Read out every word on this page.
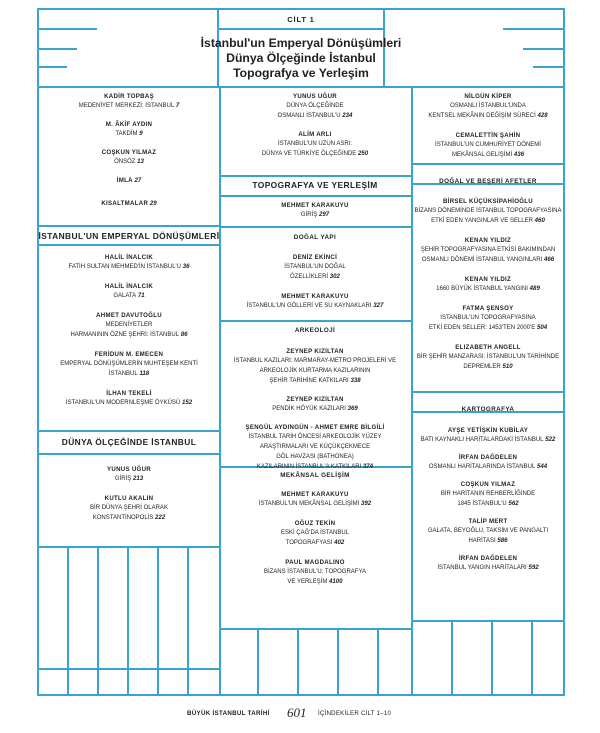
CİLT 1
İstanbul'un Emperyal Dönüşümleri
Dünya Ölçeğinde İstanbul
Topografya ve Yerleşim
KADİR TOPBAŞ
MEDENİYET MERKEZİ: İSTANBUL 7
M. ÂKİF AYDIN
TAKDİM 9
COŞKUN YILMAZ
ÖNSÖZ 13
İMLA 27
KISALTMALAR 29
İSTANBUL'UN EMPERYAL DÖNÜŞÜMLERİ
HALİL İNALCIK
FATİH SULTAN MEHMED'İN İSTANBUL'U 36
HALİL İNALCIK
GALATA 71
AHMET DAVUTOĞLU
MEDENİYETLER
HARMANININ ÖZNE ŞEHRİ: İSTANBUL 86
FERİDUN M. EMECEN
EMPERYAL DÖNÜŞÜMLERİN MUHTEŞEM KENTİ
İSTANBUL 118
İLHAN TEKELİ
İSTANBUL'UN MODERNLEŞME ÖYKÜSÜ 152
DÜNYA ÖLÇEĞİNDE İSTANBUL
YUNUS UĞUR
GİRİŞ 213
KUTLU AKALIN
BİR DÜNYA ŞEHRİ OLARAK
KONSTANTİNOPOLİS 222
YUNUS UĞUR
DÜNYA ÖLÇEĞİNDE
OSMANLI İSTANBUL'U 234
ALİM ARLI
İSTANBUL'UN UZUN ASRI:
DÜNYA VE TÜRKİYE ÖLÇEĞİNDE 250
TOPOGRAFYA VE YERLEŞİM
MEHMET KARAKUYU
GİRİŞ 297
DOĞAL YAPI
DENİZ EKİNCİ
İSTANBUL'UN DOĞAL
ÖZELLİKLERİ 302
MEHMET KARAKUYU
İSTANBUL'UN GÖLLERİ VE SU KAYNAKLARI 327
ARKEOLOJİ
ZEYNEP KIZILTAN
İSTANBUL KAZILARI: MARMARAY-METRO PROJELERİ VE
ARKEOLOJİK KURTARMA KAZILARININ
ŞEHİR TARİHİNE KATKILARI 338
ZEYNEP KIZILTAN
PENDİK HÖYÜK KAZILARI 369
ŞENGÜL AYDINGÜN - AHMET EMRE BİLGİLİ
İSTANBUL TARİH ÖNCESİ ARKEOLOJİK YÜZEY
ARAŞTIRMALARI VE KÜÇÜKÇEKMECE
GÖL HAVZASI (BATHONEA)
KAZILARININ İSTANBUL'A KATKILARI 374
MEKÂNSAL GELİŞİM
MEHMET KARAKUYU
İSTANBUL'UN MEKÂNSAL GELİŞİMİ 392
OĞUZ TEKİN
ESKİ ÇAĞ'DA İSTANBUL
TOPOGRAFYASI 402
PAUL MAGDALINO
BİZANS İSTANBUL'U: TOPOGRAFYA
VE YERLEŞİM 4100
NİLGÜN KİPER
OSMANLI İSTANBUL'UNDA
KENTSEL MEKÂNIN DEĞİŞİM SÜRECİ 428
CEMALETTİN ŞAHİN
İSTANBUL'UN CUMHURİYET DÖNEMİ
MEKÂNSAL GELİŞİMİ 436
DOĞAL VE BEŞERİ AFETLER
BİRSEL KÜÇÜKSİPAHİOĞLU
BİZANS DÖNEMİNDE İSTANBUL TOPOGRAFYASINA
ETKİ EDEN YANGINLAR VE SELLER 460
KENAN YILDIZ
ŞEHİR TOPOGRAFYASINA ETKİSİ BAKIMINDAN
OSMANLI DÖNEMİ İSTANBUL YANGINLARI 466
KENAN YILDIZ
1660 BÜYÜK İSTANBUL YANGINI 489
FATMA ŞENSOY
İSTANBUL'UN TOPOGRAFYASINA
ETKİ EDEN SELLER: 1453'TEN 2000'E 504
ELIZABETH ANGELL
BİR ŞEHİR MANZARASI: İSTANBUL'UN TARİHİNDE
DEPREMLER 510
KARTOGRAFYA
AYŞE YETİŞKİN KUBİLAY
BATI KAYNAKLI HARİTALARDAKİ İSTANBUL 522
İRFAN DAĞDELEN
OSMANLI HARİTALARINDA İSTANBUL 544
COŞKUN YILMAZ
BİR HARİTANIN REHBERLİĞİNDE
1845 İSTANBUL'U 562
TALİP MERT
GALATA, BEYOĞLU, TAKSİM VE PANGALTI
HARİTASI 586
İRFAN DAĞDELEN
İSTANBUL YANGIN HARİTALARI 592
BÜYÜK İSTANBUL TARİHİ 601 İÇİNDEKİLER CİLT 1–10
